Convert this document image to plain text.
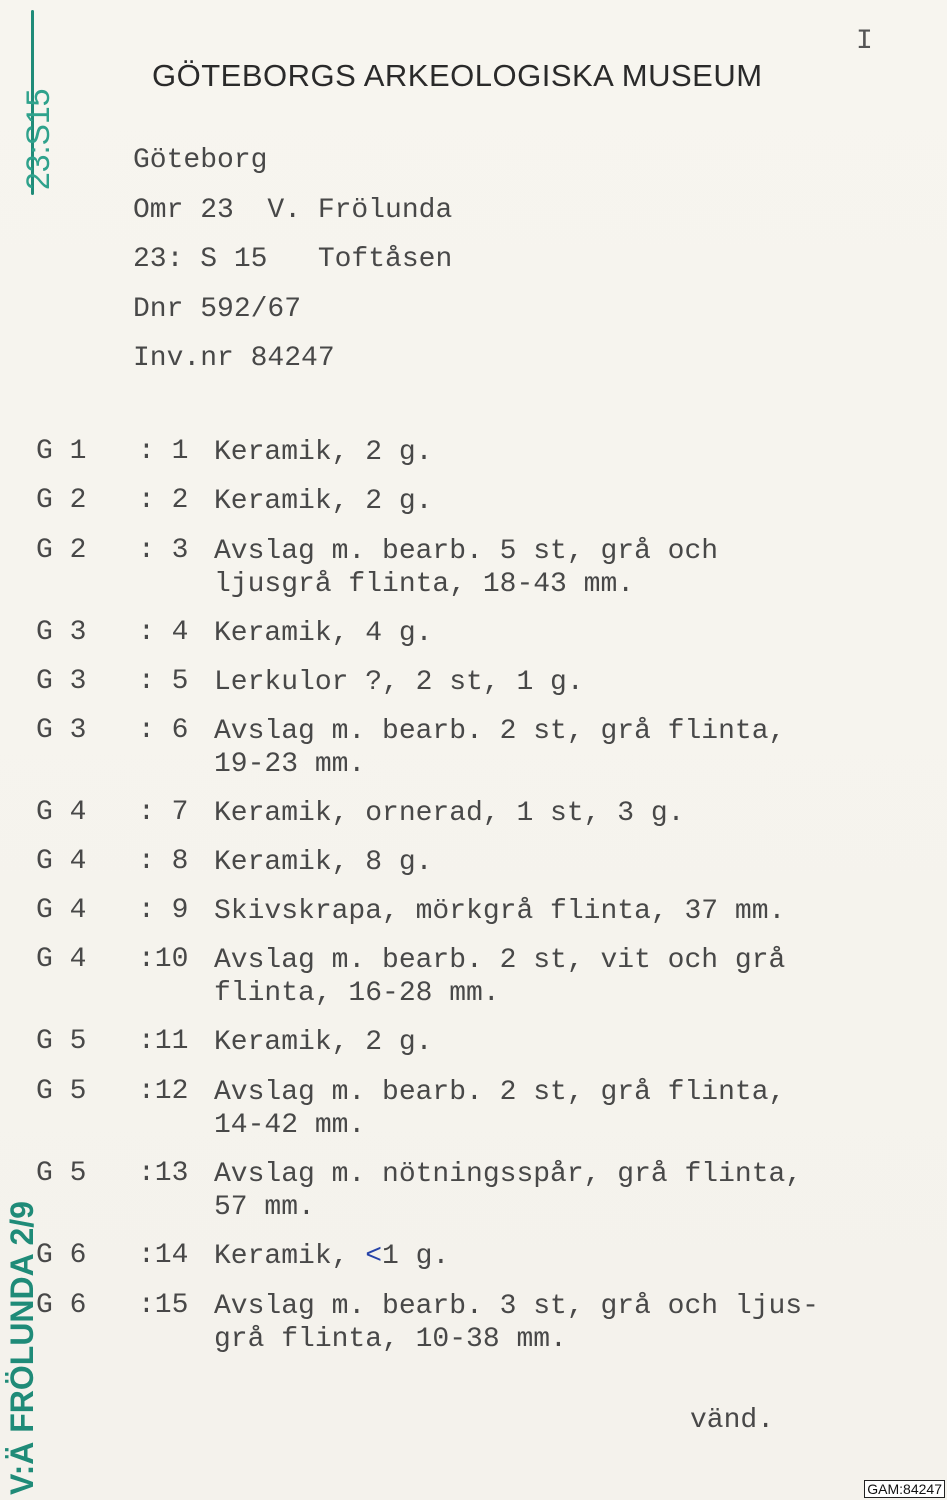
I
GÖTEBORGS ARKEOLOGISKA MUSEUM
23:S15	Göteborg
Omr 23  V. Frölunda
23: S 15   Toftåsen
Dnr 592/67
Inv.nr 84247
G 1	: 1 Keramik, 2 g.
G 2	: 2 Keramik, 2 g.
G 2	: 3 Avslag m. bearb. 5 st, grå och
ljusgrå flinta, 18-43 mm.
G 3	: 4 Keramik, 4 g.
G 3	: 5 Lerkulor ?, 2 st, 1 g.
G 3	: 6 Avslag m. bearb. 2 st, grå flinta,
19-23 mm.
G 4	: 7 Keramik, ornerad, 1 st, 3 g.
G 4	: 8 Keramik, 8 g.
G 4	: 9 Skivskrapa, mörkgrå flinta, 37 mm.
G 4	:10 Avslag m. bearb. 2 st, vit och grå
flinta, 16-28 mm.
G 5	:11 Keramik, 2 g.
G 5	:12 Avslag m. bearb. 2 st, grå flinta,
14-42 mm.
G 5	:13 Avslag m. nötningsspår, grå flinta,
57 mm.
G 6	:14 Keramik, <1 g.
G 6	:15 Avslag m. bearb. 3 st, grå och ljus-
grå flinta, 10-38 mm.
vänd.
V:Ä FRÖLUNDA 2/9	GAM:84247
